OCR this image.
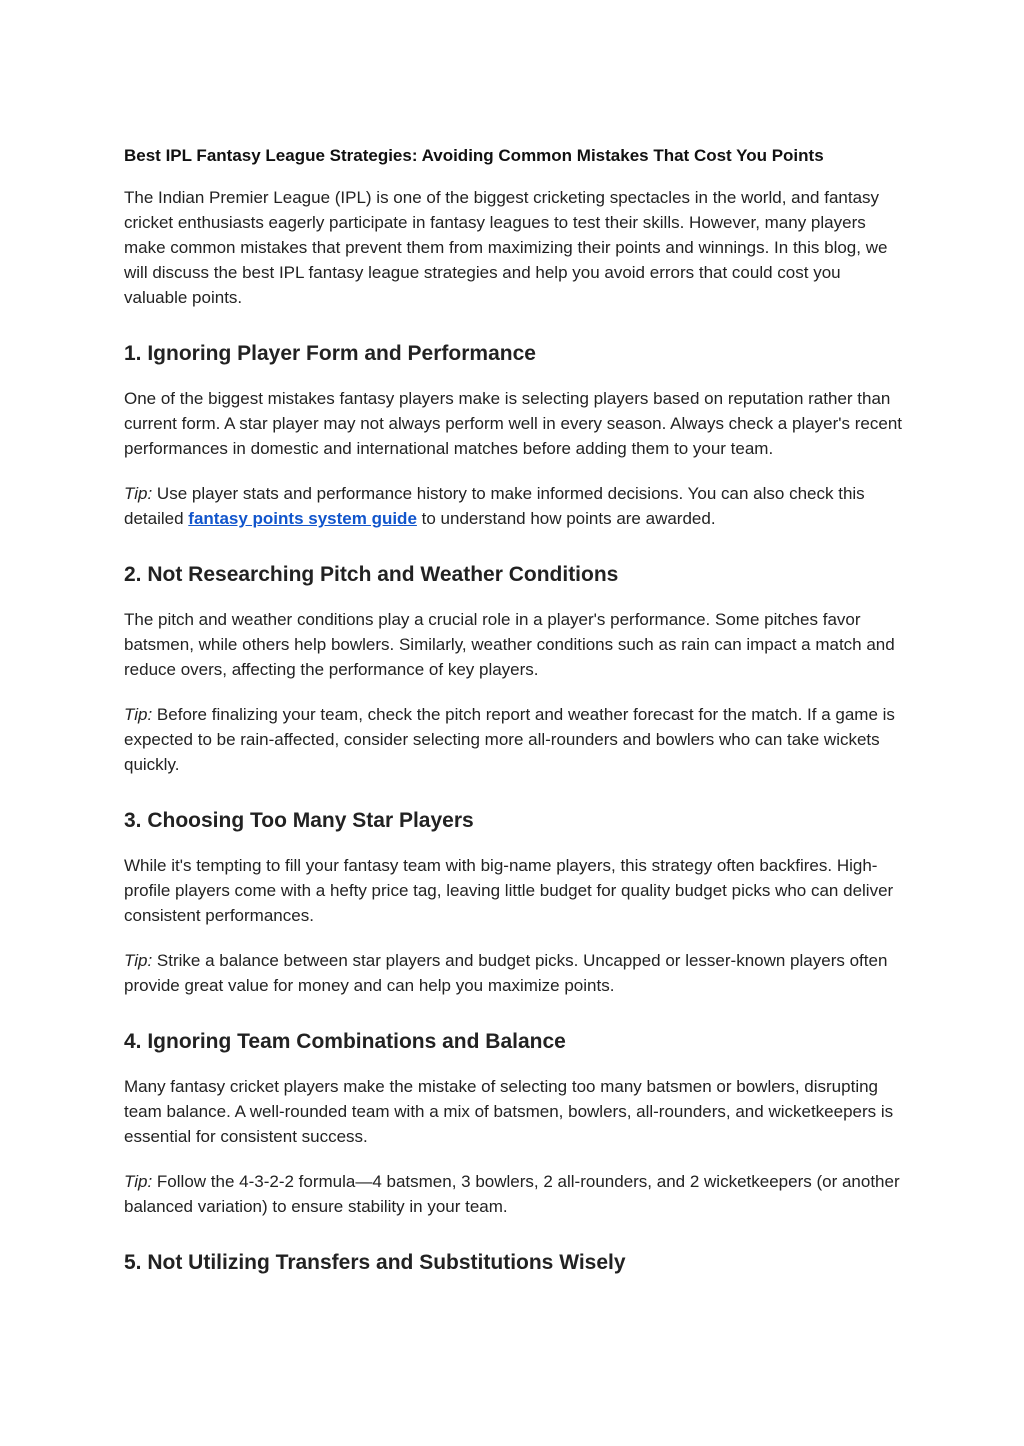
Best IPL Fantasy League Strategies: Avoiding Common Mistakes That Cost You Points

The Indian Premier League (IPL) is one of the biggest cricketing spectacles in the world, and fantasy cricket enthusiasts eagerly participate in fantasy leagues to test their skills. However, many players make common mistakes that prevent them from maximizing their points and winnings. In this blog, we will discuss the best IPL fantasy league strategies and help you avoid errors that could cost you valuable points.

1. Ignoring Player Form and Performance

One of the biggest mistakes fantasy players make is selecting players based on reputation rather than current form. A star player may not always perform well in every season. Always check a player's recent performances in domestic and international matches before adding them to your team.

Tip: Use player stats and performance history to make informed decisions. You can also check this detailed fantasy points system guide to understand how points are awarded.

2. Not Researching Pitch and Weather Conditions

The pitch and weather conditions play a crucial role in a player's performance. Some pitches favor batsmen, while others help bowlers. Similarly, weather conditions such as rain can impact a match and reduce overs, affecting the performance of key players.

Tip: Before finalizing your team, check the pitch report and weather forecast for the match. If a game is expected to be rain-affected, consider selecting more all-rounders and bowlers who can take wickets quickly.

3. Choosing Too Many Star Players

While it's tempting to fill your fantasy team with big-name players, this strategy often backfires. High-profile players come with a hefty price tag, leaving little budget for quality budget picks who can deliver consistent performances.

Tip: Strike a balance between star players and budget picks. Uncapped or lesser-known players often provide great value for money and can help you maximize points.

4. Ignoring Team Combinations and Balance

Many fantasy cricket players make the mistake of selecting too many batsmen or bowlers, disrupting team balance. A well-rounded team with a mix of batsmen, bowlers, all-rounders, and wicketkeepers is essential for consistent success.

Tip: Follow the 4-3-2-2 formula—4 batsmen, 3 bowlers, 2 all-rounders, and 2 wicketkeepers (or another balanced variation) to ensure stability in your team.

5. Not Utilizing Transfers and Substitutions Wisely
